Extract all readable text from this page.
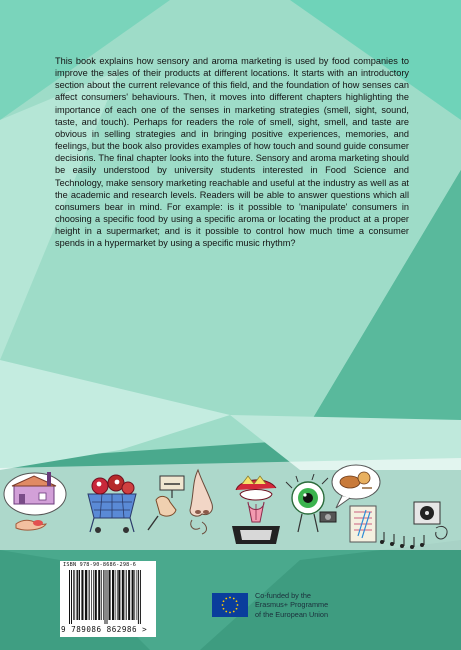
This book explains how sensory and aroma marketing is used by food companies to improve the sales of their products at different locations. It starts with an introductory section about the current relevance of this field, and the foundation of how senses can affect consumers' behaviours. Then, it moves into different chapters highlighting the importance of each one of the senses in marketing strategies (smell, sight, sound, taste, and touch). Perhaps for readers the role of smell, sight, smell, and taste are obvious in selling strategies and in bringing positive experiences, memories, and feelings, but the book also provides examples of how touch and sound guide consumer decisions. The final chapter looks into the future. Sensory and aroma marketing should be easily understood by university students interested in Food Science and Technology, make sensory marketing reachable and useful at the industry as well as at the academic and research levels. Readers will be able to answer questions which all consumers bear in mind. For example: is it possible to 'manipulate' consumers in choosing a specific food by using a specific aroma or locating the product at a proper height in a supermarket; and is it possible to control how much time a consumer spends in a hypermarket by using a specific music rhythm?

ISBN 978-90-8686-298-6
9 789086 862986 >
Co-funded by the
Erasmus+ Programme
of the European Union
